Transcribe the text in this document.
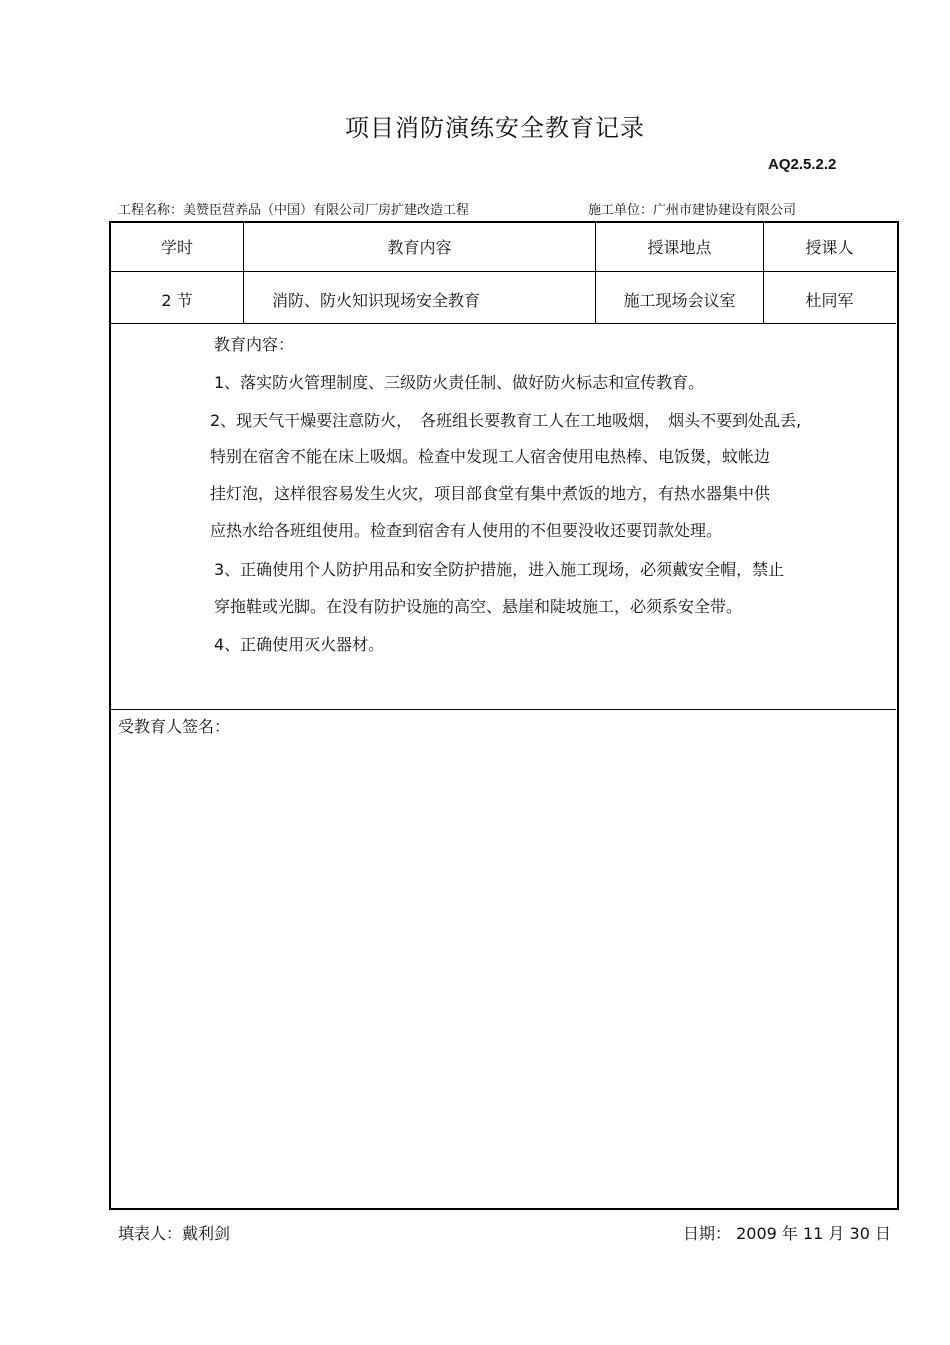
项目消防演练安全教育记录
AQ2.5.2.2
工程名称：美赞臣营养品（中国）有限公司厂房扩建改造工程	施工单位：广州市建协建设有限公司
学时	教育内容	授课地点	授课人
2 节	消防、防火知识现场安全教育	施工现场会议室	杜同军
教育内容：
1、落实防火管理制度、三级防火责任制、做好防火标志和宣传教育。
2、现天气干燥要注意防火，　各班组长要教育工人在工地吸烟，　烟头不要到处乱丢,
特别在宿舍不能在床上吸烟。检查中发现工人宿舍使用电热棒、电饭煲，蚊帐边
挂灯泡，这样很容易发生火灾，项目部食堂有集中煮饭的地方，有热水器集中供
应热水给各班组使用。检查到宿舍有人使用的不但要没收还要罚款处理。
3、正确使用个人防护用品和安全防护措施，进入施工现场，必须戴安全帽，禁止
穿拖鞋或光脚。在没有防护设施的高空、悬崖和陡坡施工，必须系安全带。
4、正确使用灭火器材。
受教育人签名：
填表人：戴利剑	日期： 2009 年 11 月 30 日
